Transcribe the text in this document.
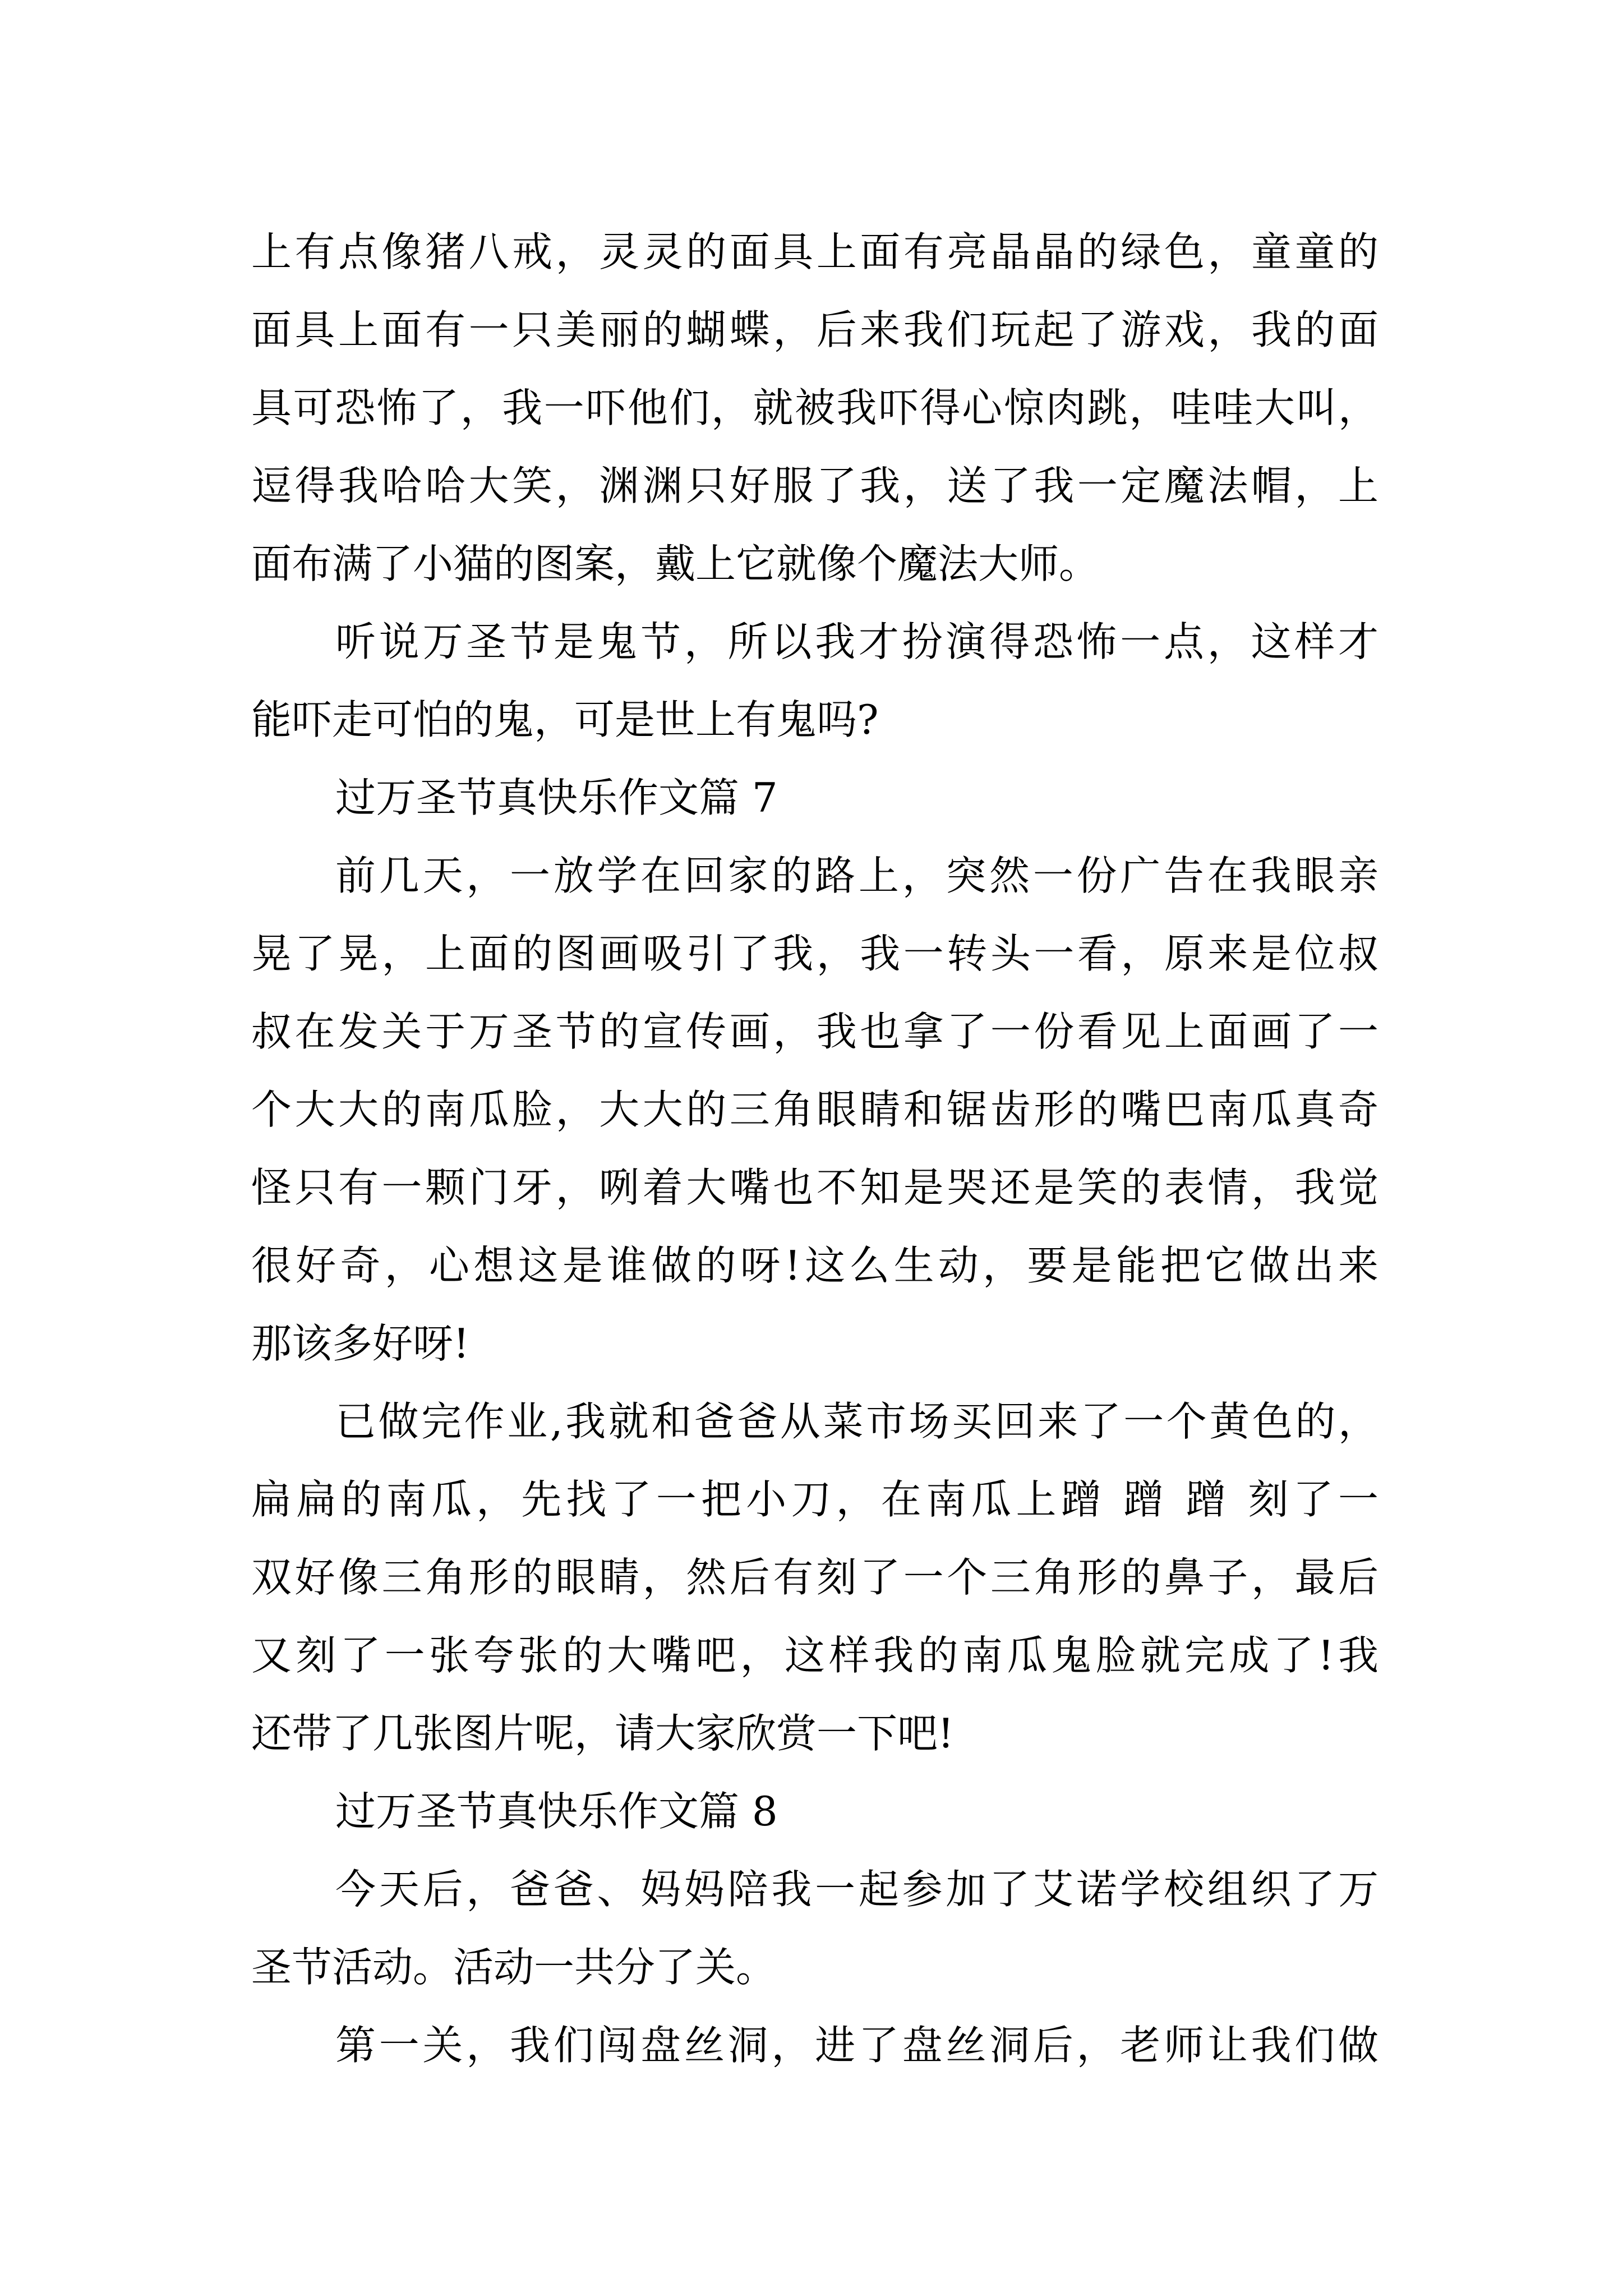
上有点像猪八戒，灵灵的面具上面有亮晶晶的绿色，童童的
面具上面有一只美丽的蝴蝶，后来我们玩起了游戏，我的面
具可恐怖了，我一吓他们，就被我吓得心惊肉跳，哇哇大叫，
逗得我哈哈大笑，渊渊只好服了我，送了我一定魔法帽，上
面布满了小猫的图案，戴上它就像个魔法大师。
听说万圣节是鬼节，所以我才扮演得恐怖一点，这样才
能吓走可怕的鬼，可是世上有鬼吗?
过万圣节真快乐作文篇 7
前几天，一放学在回家的路上，突然一份广告在我眼亲
晃了晃，上面的图画吸引了我，我一转头一看，原来是位叔
叔在发关于万圣节的宣传画，我也拿了一份看见上面画了一
个大大的南瓜脸，大大的三角眼睛和锯齿形的嘴巴南瓜真奇
怪只有一颗门牙，咧着大嘴也不知是哭还是笑的表情，我觉
很好奇，心想这是谁做的呀!这么生动，要是能把它做出来
那该多好呀!
已做完作业,我就和爸爸从菜市场买回来了一个黄色的，
扁扁的南瓜，先找了一把小刀，在南瓜上蹭 蹭 蹭 刻了一
双好像三角形的眼睛，然后有刻了一个三角形的鼻子，最后
又刻了一张夸张的大嘴吧，这样我的南瓜鬼脸就完成了!我
还带了几张图片呢，请大家欣赏一下吧!
过万圣节真快乐作文篇 8
今天后，爸爸、妈妈陪我一起参加了艾诺学校组织了万
圣节活动。活动一共分了关。
第一关，我们闯盘丝洞，进了盘丝洞后，老师让我们做
